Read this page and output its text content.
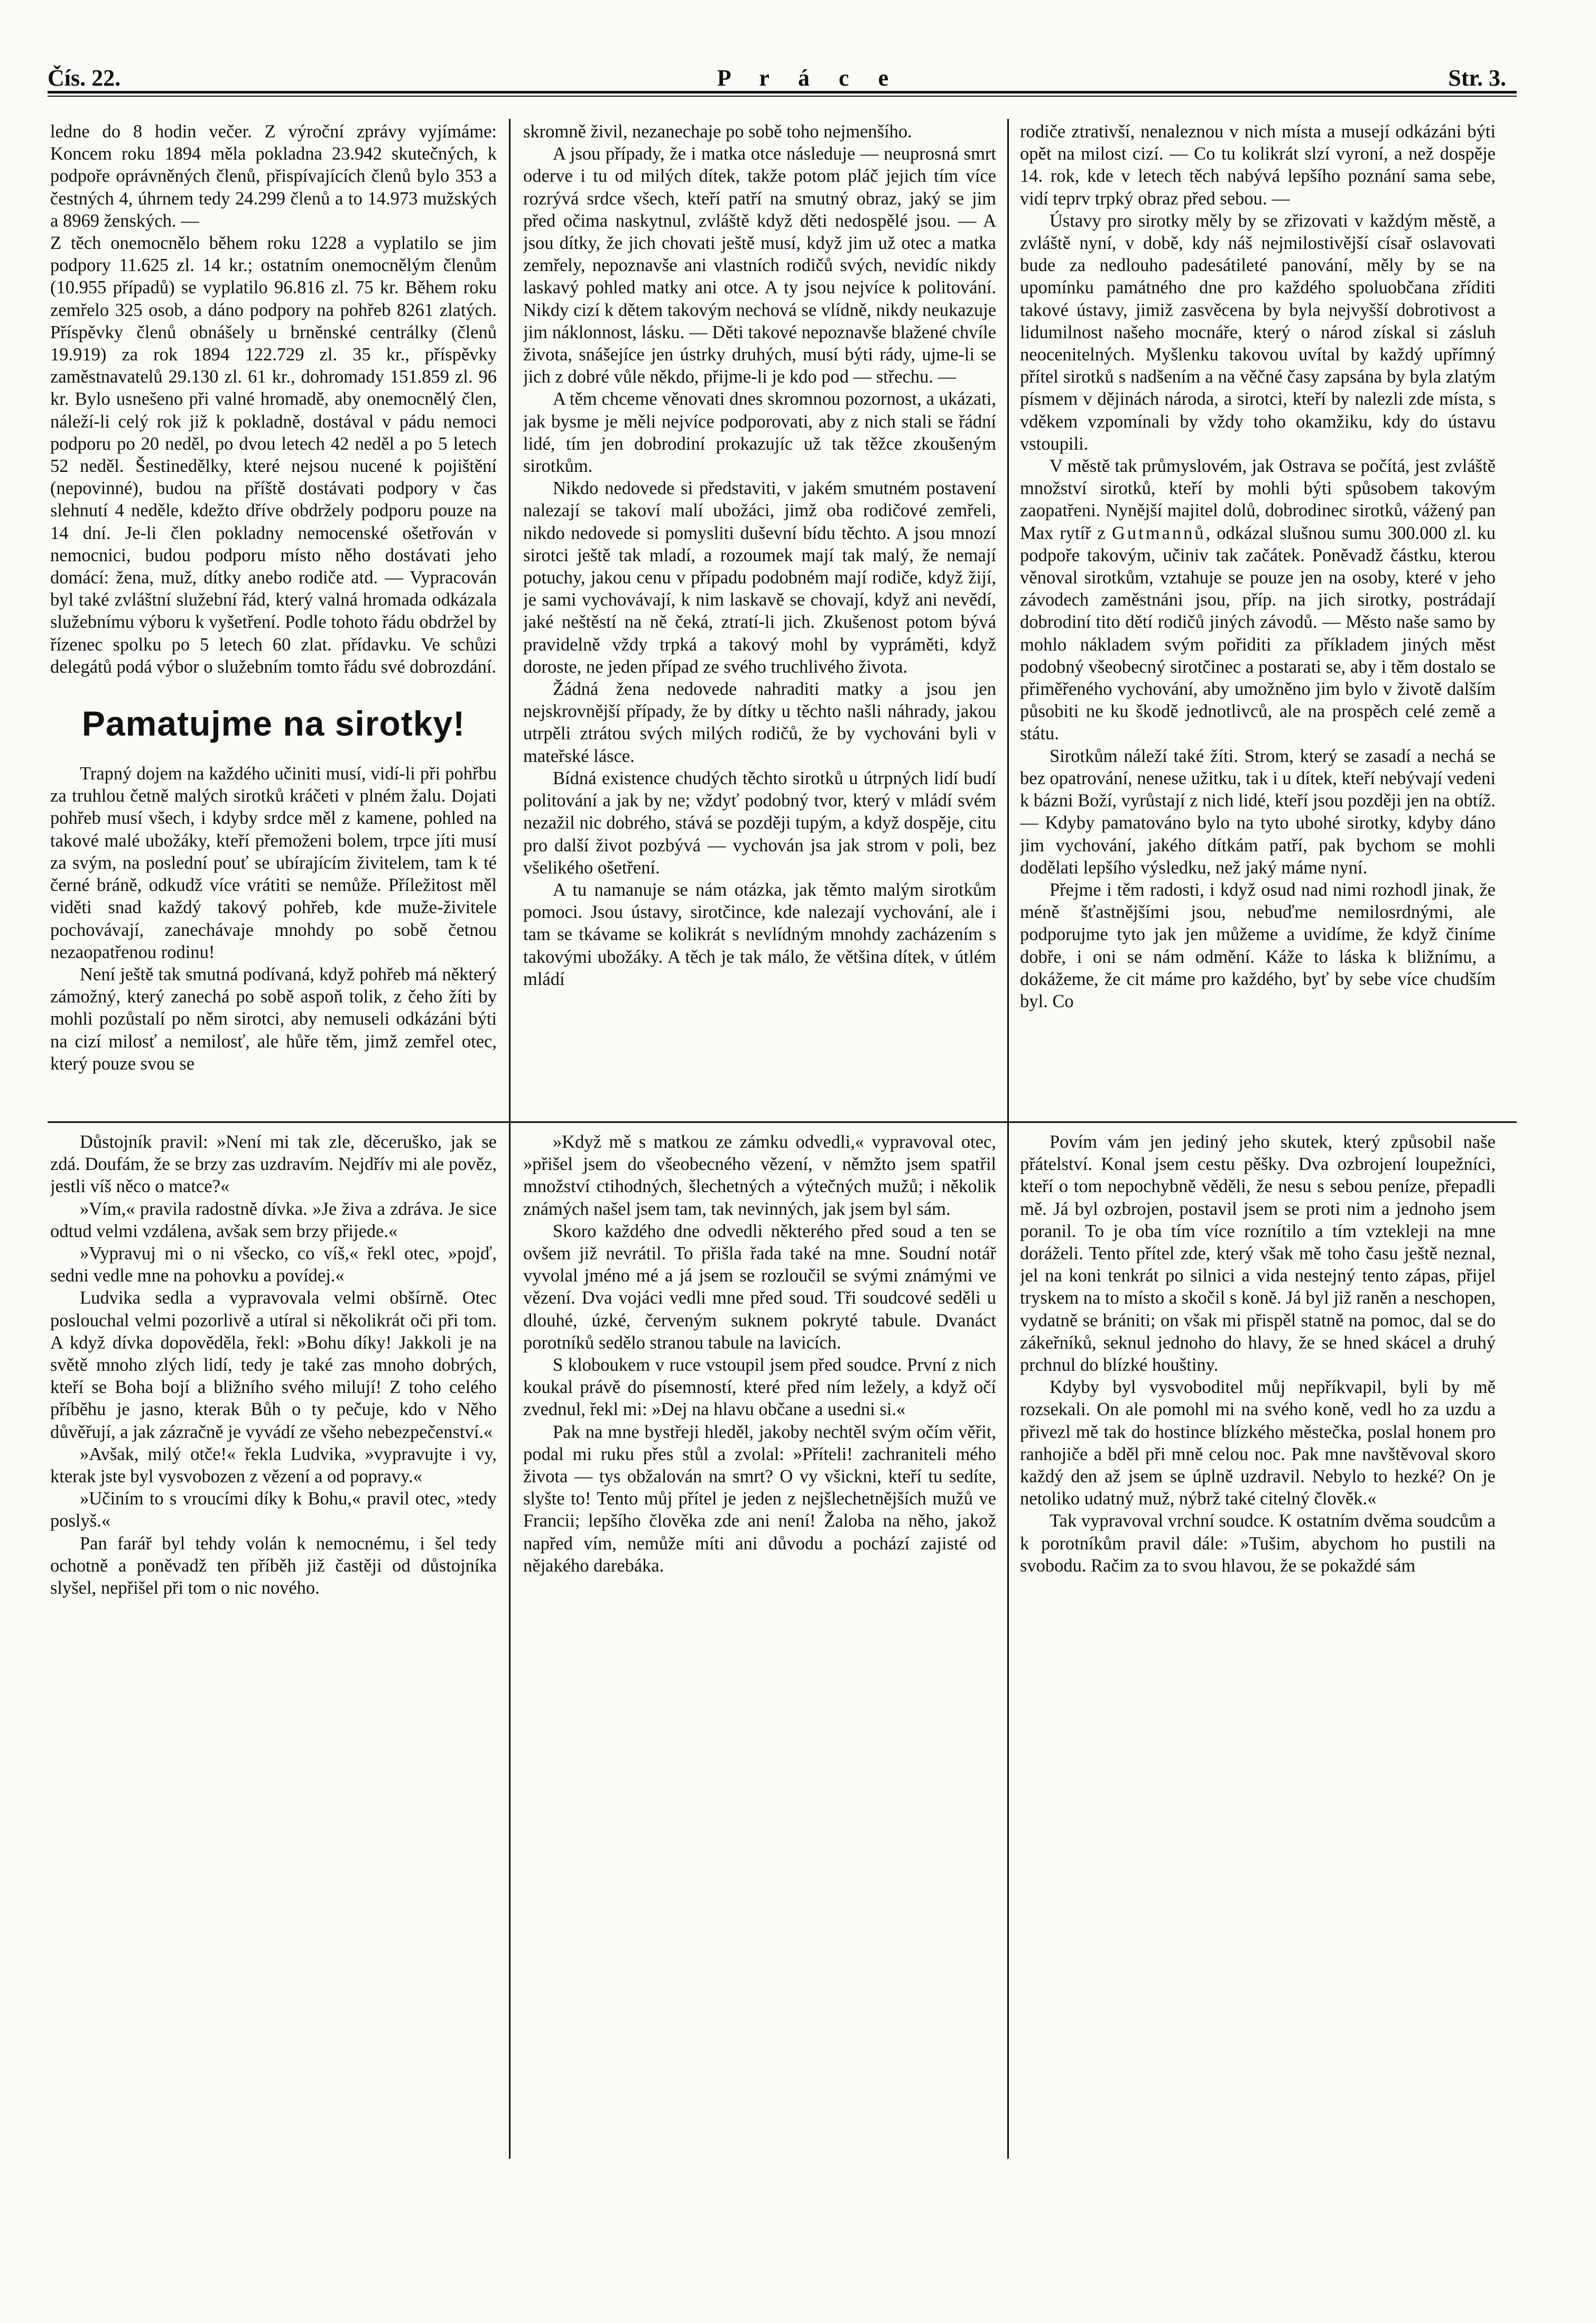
Čís. 22.	P r á c e	Str. 3.

ledne do 8 hodin večer. Z výroční zprávy vyjímáme: Koncem roku 1894 měla pokladna 23.942 skutečných, k podpoře oprávněných členů, přispívajících členů bylo 353 a čestných 4, úhrnem tedy 24.299 členů a to 14.973 mužských a 8969 ženských. —

Z těch onemocnělo během roku 1228 a vyplatilo se jim podpory 11.625 zl. 14 kr.; ostatním onemocnělým členům (10.955 případů) se vyplatilo 96.816 zl. 75 kr. Během roku zemřelo 325 osob, a dáno podpory na pohřeb 8261 zlatých. Příspěvky členů obnášely u brněnské centrálky (členů 19.919) za rok 1894 122.729 zl. 35 kr., příspěvky zaměstnavatelů 29.130 zl. 61 kr., dohromady 151.859 zl. 96 kr. Bylo usnešeno při valné hromadě, aby onemocnělý člen, náleží-li celý rok již k pokladně, dostával v pádu nemoci podporu po 20 neděl, po dvou letech 42 neděl a po 5 letech 52 neděl. Šestinedělky, které nejsou nucené k pojištění (nepovinné), budou na příště dostávati podpory v čas slehnutí 4 neděle, kdežto dříve obdržely podporu pouze na 14 dní. Je-li člen pokladny nemocenské ošetřován v nemocnici, budou podporu místo něho dostávati jeho domácí: žena, muž, dítky anebo rodiče atd. — Vypracován byl také zvláštní služební řád, který valná hromada odkázala služebnímu výboru k vyšetření. Podle tohoto řádu obdržel by řízenec spolku po 5 letech 60 zlat. přídavku. Ve schůzi delegátů podá výbor o služebním tomto řádu své dobrozdání.

Pamatujme na sirotky!

Trapný dojem na každého učiniti musí, vidí-li při pohřbu za truhlou četně malých sirotků kráčeti v plném žalu. Dojati pohřeb musí všech, i kdyby srdce měl z kamene, pohled na takové malé ubožáky, kteří přemoženi bolem, trpce jíti musí za svým, na poslední pouť se ubírajícím živitelem, tam k té černé bráně, odkudž více vrátiti se nemůže. Příležitost měl viděti snad každý takový pohřeb, kde muže-živitele pochovávají, zanechávaje mnohdy po sobě četnou nezaopatřenou rodinu!

Není ještě tak smutná podívaná, když pohřeb má některý zámožný, který zanechá po sobě aspoň tolik, z čeho žíti by mohli pozůstalí po něm sirotci, aby nemuseli odkázáni býti na cizí milosť a nemilosť, ale hůře těm, jimž zemřel otec, který pouze svou se

skromně živil, nezanechaje po sobě toho nejmenšího.

A jsou případy, že i matka otce následuje — neuprosná smrt oderve i tu od milých dítek, takže potom pláč jejich tím více rozrývá srdce všech, kteří patří na smutný obraz, jaký se jim před očima naskytnul, zvláště když děti nedospělé jsou. — A jsou dítky, že jich chovati ještě musí, když jim už otec a matka zemřely, nepoznavše ani vlastních rodičů svých, nevidíc nikdy laskavý pohled matky ani otce. A ty jsou nejvíce k politování. Nikdy cizí k dětem takovým nechová se vlídně, nikdy neukazuje jim náklonnost, lásku. — Děti takové nepoznavše blažené chvíle života, snášejíce jen ústrky druhých, musí býti rády, ujme-li se jich z dobré vůle někdo, přijme-li je kdo pod — střechu. —

A těm chceme věnovati dnes skromnou pozornost, a ukázati, jak bysme je měli nejvíce podporovati, aby z nich stali se řádní lidé, tím jen dobrodiní prokazujíc už tak těžce zkoušeným sirotkům.

Nikdo nedovede si představiti, v jakém smutném postavení nalezají se takoví malí ubožáci, jimž oba rodičové zemřeli, nikdo nedovede si pomysliti duševní bídu těchto. A jsou mnozí sirotci ještě tak mladí, a rozoumek mají tak malý, že nemají potuchy, jakou cenu v případu podobném mají rodiče, když žijí, je sami vychovávají, k nim laskavě se chovají, když ani nevědí, jaké neštěstí na ně čeká, ztratí-li jich. Zkušenost potom bývá pravidelně vždy trpká a takový mohl by vypráměti, když doroste, ne jeden případ ze svého truchlivého života.

Žádná žena nedovede nahraditi matky a jsou jen nejskrovnější případy, že by dítky u těchto našli náhrady, jakou utrpěli ztrátou svých milých rodičů, že by vychováni byli v mateřské lásce.

Bídná existence chudých těchto sirotků u útrpných lidí budí politování a jak by ne; vždyť podobný tvor, který v mládí svém nezažil nic dobrého, stává se později tupým, a když dospěje, citu pro další život pozbývá — vychován jsa jak strom v poli, bez všelikého ošetření.

A tu namanuje se nám otázka, jak těmto malým sirotkům pomoci. Jsou ústavy, sirotčince, kde nalezají vychování, ale i tam se tkávame se kolikrát s nevlídným mnohdy zacházením s takovými ubožáky. A těch je tak málo, že většina dítek, v útlém mládí

rodiče ztrativší, nenaleznou v nich místa a musejí odkázáni býti opět na milost cizí. — Co tu kolikrát slzí vyroní, a než dospěje 14. rok, kde v letech těch nabývá lepšího poznání sama sebe, vidí teprv trpký obraz před sebou. —

Ústavy pro sirotky měly by se zřizovati v každým městě, a zvláště nyní, v době, kdy náš nejmilostivější císař oslavovati bude za nedlouho padesátileté panování, měly by se na upomínku památného dne pro každého spoluobčana zříditi takové ústavy, jimiž zasvěcena by byla nejvyšší dobrotivost a lidumilnost našeho mocnáře, který o národ získal si zásluh neocenitelných. Myšlenku takovou uvítal by každý upřímný přítel sirotků s nadšením a na věčné časy zapsána by byla zlatým písmem v dějinách národa, a sirotci, kteří by nalezli zde místa, s vděkem vzpomínali by vždy toho okamžiku, kdy do ústavu vstoupili.

V městě tak průmyslovém, jak Ostrava se počítá, jest zvláště množství sirotků, kteří by mohli býti spůsobem takovým zaopatřeni. Nynější majitel dolů, dobrodinec sirotků, vážený pan Max rytíř z Gutmannů, odkázal slušnou sumu 300.000 zl. ku podpoře takovým, učiniv tak začátek. Poněvadž částku, kterou věnoval sirotkům, vztahuje se pouze jen na osoby, které v jeho závodech zaměstnáni jsou, příp. na jich sirotky, postrádají dobrodiní tito dětí rodičů jiných závodů. — Město naše samo by mohlo nákladem svým pořiditi za příkladem jiných měst podobný všeobecný sirotčinec a postarati se, aby i těm dostalo se přiměřeného vychování, aby umožněno jim bylo v životě dalším působiti ne ku škodě jednotlivců, ale na prospěch celé země a státu.

Sirotkům náleží také žíti. Strom, který se zasadí a nechá se bez opatrování, nenese užitku, tak i u dítek, kteří nebývají vedeni k bázni Boží, vyrůstají z nich lidé, kteří jsou později jen na obtíž. — Kdyby pamatováno bylo na tyto ubohé sirotky, kdyby dáno jim vychování, jakého dítkám patří, pak bychom se mohli dodělati lepšího výsledku, než jaký máme nyní.

Přejme i těm radosti, i když osud nad nimi rozhodl jinak, že méně šťastnějšími jsou, nebuďme nemilosrdnými, ale podporujme tyto jak jen můžeme a uvidíme, že když činíme dobře, i oni se nám odmění. Káže to láska k bližnímu, a dokážeme, že cit máme pro každého, byť by sebe více chudším byl. Co

Důstojník pravil: »Není mi tak zle, děceruško, jak se zdá. Doufám, že se brzy zas uzdravím. Nejdřív mi ale pověz, jestli víš něco o matce?«

»Vím,« pravila radostně dívka. »Je živa a zdráva. Je sice odtud velmi vzdálena, avšak sem brzy přijede.«

»Vypravuj mi o ni všecko, co víš,« řekl otec, »pojď, sedni vedle mne na pohovku a povídej.«

Ludvika sedla a vypravovala velmi obšírně. Otec poslouchal velmi pozorlivě a utíral si několikrát oči při tom. A když dívka dopověděla, řekl: »Bohu díky! Jakkoli je na světě mnoho zlých lidí, tedy je také zas mnoho dobrých, kteří se Boha bojí a bližního svého milují! Z toho celého příběhu je jasno, kterak Bůh o ty pečuje, kdo v Něho důvěřují, a jak zázračně je vyvádí ze všeho nebezpečenství.«

»Avšak, milý otče!« řekla Ludvika, »vypravujte i vy, kterak jste byl vysvobozen z vězení a od popravy.«

»Učiním to s vroucími díky k Bohu,« pravil otec, »tedy poslyš.«

Pan farář byl tehdy volán k nemocnému, i šel tedy ochotně a poněvadž ten příběh již častěji od důstojníka slyšel, nepřišel při tom o nic nového.

»Když mě s matkou ze zámku odvedli,« vypravoval otec, »přišel jsem do všeobecného vězení, v němžto jsem spatřil množství ctihodných, šlechetných a výtečných mužů; i několik známých našel jsem tam, tak nevinných, jak jsem byl sám.

Skoro každého dne odvedli některého před soud a ten se ovšem již nevrátil. To přišla řada také na mne. Soudní notář vyvolal jméno mé a já jsem se rozloučil se svými známými ve vězení. Dva vojáci vedli mne před soud. Tři soudcové seděli u dlouhé, úzké, červeným suknem pokryté tabule. Dvanáct porotníků sedělo stranou tabule na lavicích.

S kloboukem v ruce vstoupil jsem před soudce. První z nich koukal právě do písemností, které před ním ležely, a když očí zvednul, řekl mi: »Dej na hlavu občane a usedni si.«

Pak na mne bystřeji hleděl, jakoby nechtěl svým očím věřit, podal mi ruku přes stůl a zvolal: »Příteli! zachraniteli mého života — tys obžalován na smrt? O vy všickni, kteří tu sedíte, slyšte to! Tento můj přítel je jeden z nejšlechetnějších mužů ve Francii; lepšího člověka zde ani není! Žaloba na něho, jakož napřed vím, nemůže míti ani důvodu a pochází zajisté od nějakého darebáka.

Povím vám jen jediný jeho skutek, který způsobil naše přátelství. Konal jsem cestu pěšky. Dva ozbrojení loupežníci, kteří o tom nepochybně věděli, že nesu s sebou peníze, přepadli mě. Já byl ozbrojen, postavil jsem se proti nim a jednoho jsem poranil. To je oba tím více roznítilo a tím vztekleji na mne doráželi. Tento přítel zde, který však mě toho času ještě neznal, jel na koni tenkrát po silnici a vida nestejný tento zápas, přijel tryskem na to místo a skočil s koně. Já byl již raněn a neschopen, vydatně se brániti; on však mi přispěl statně na pomoc, dal se do zákeřníků, seknul jednoho do hlavy, že se hned skácel a druhý prchnul do blízké houštiny.

Kdyby byl vysvoboditel můj nepříkvapil, byli by mě rozsekali. On ale pomohl mi na svého koně, vedl ho za uzdu a přivezl mě tak do hostince blízkého městečka, poslal honem pro ranhojiče a bděl při mně celou noc. Pak mne navštěvoval skoro každý den až jsem se úplně uzdravil. Nebylo to hezké? On je netoliko udatný muž, nýbrž také citelný člověk.«

Tak vypravoval vrchní soudce. K ostatním dvěma soudcům a k porotníkům pravil dále: »Tušim, abychom ho pustili na svobodu. Račim za to svou hlavou, že se pokaždé sám
